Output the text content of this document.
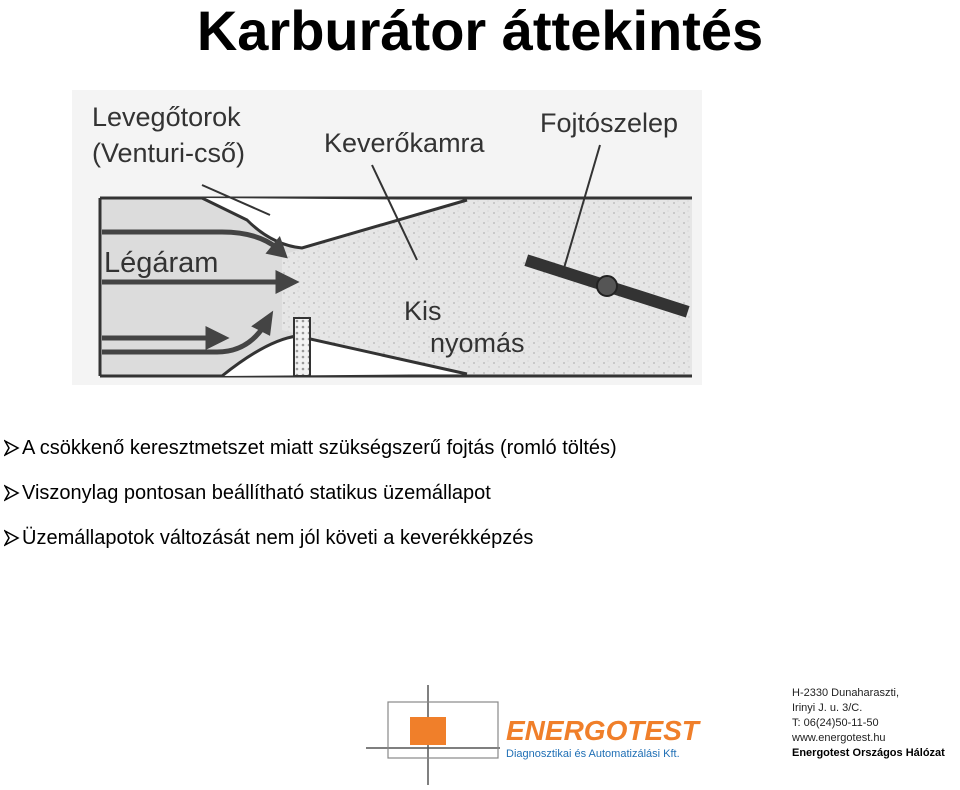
Karburátor áttekintés
Levegőtorok
(Venturi-cső)	Keverőkamra
Fojtószelep
Légáram
Kis
nyomás
A csökkenő keresztmetszet miatt szükségszerű fojtás (romló töltés)
Viszonylag pontosan beállítható statikus üzemállapot
Üzemállapotok változását nem jól követi a keverékképzés
ENERGOTEST
Diagnosztikai és Automatizálási Kft.
H-2330 Dunaharaszti,
Irinyi J. u. 3/C.
T: 06(24)50-11-50
www.energotest.hu
Energotest Országos Hálózat
